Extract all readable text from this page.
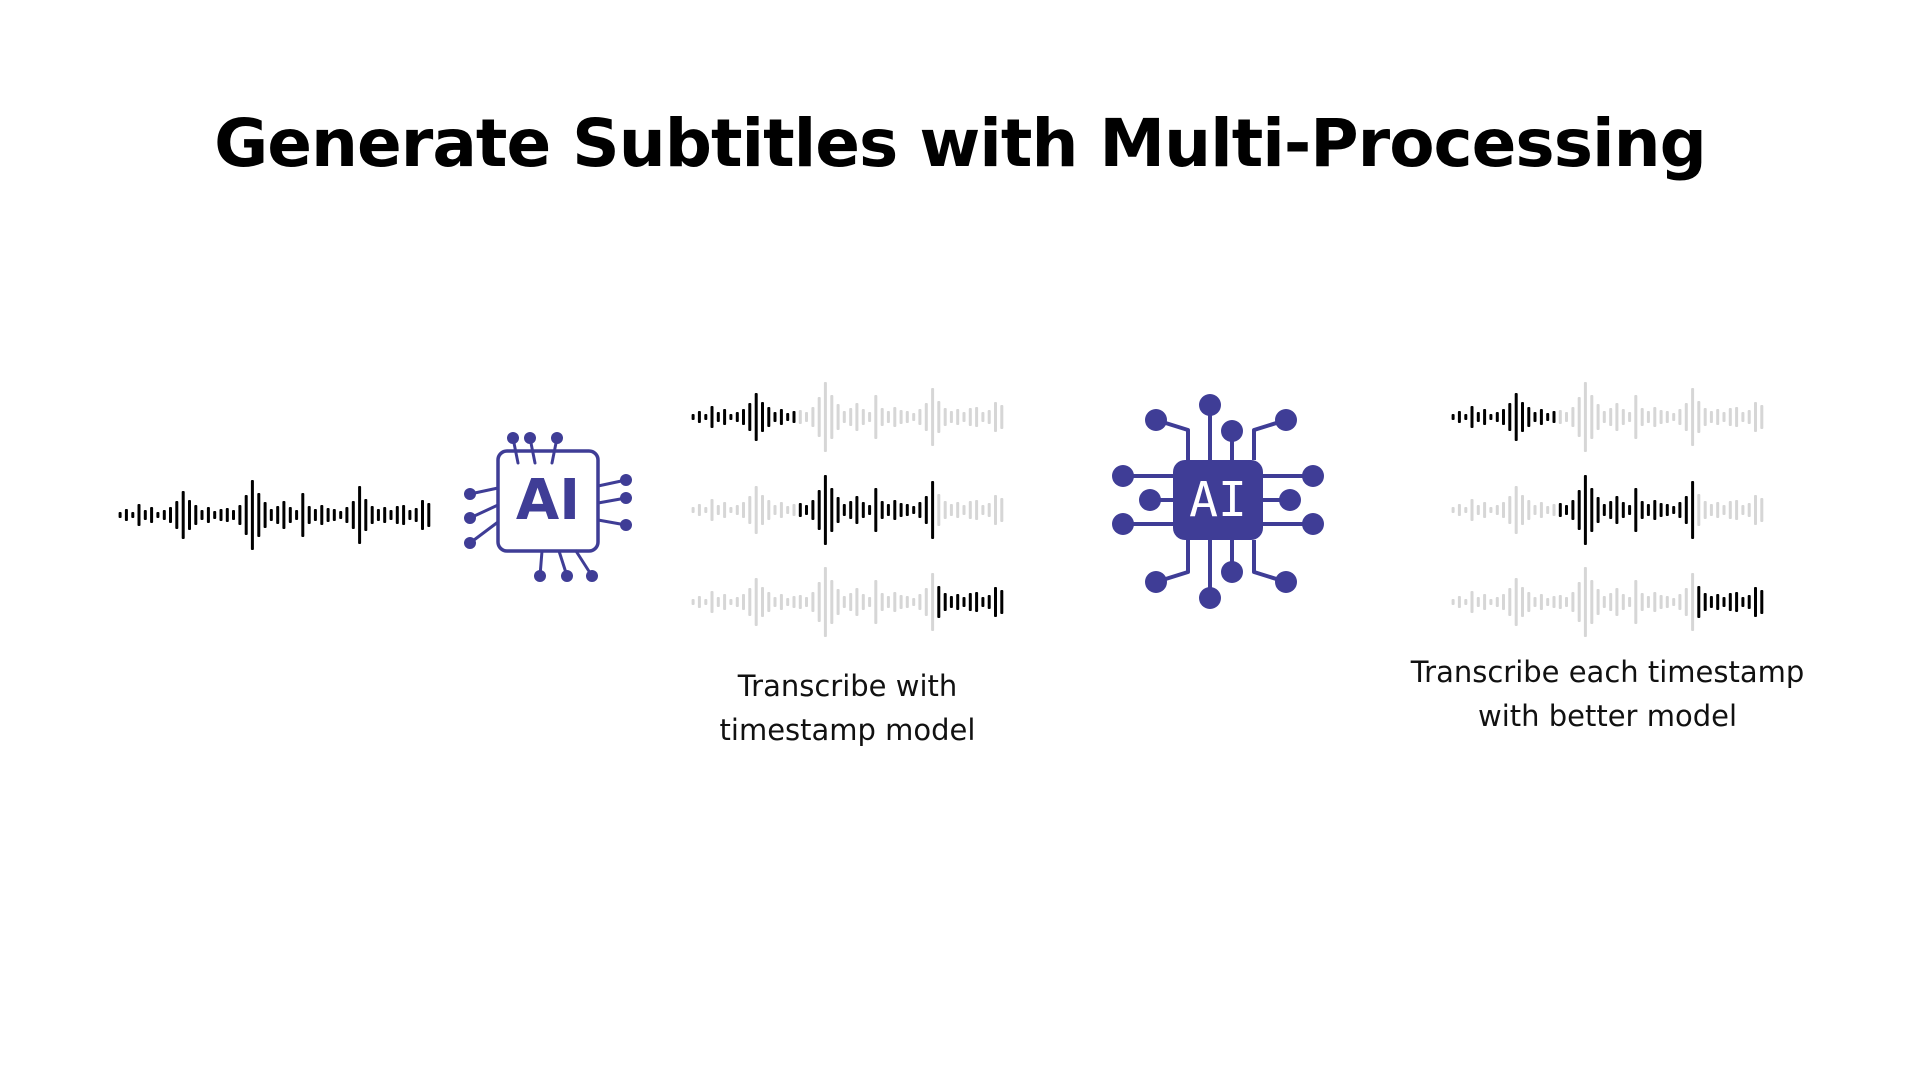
Generate Subtitles with Multi-Processing
AI
Transcribe with
timestamp model
AI
Transcribe each timestamp
with better model
